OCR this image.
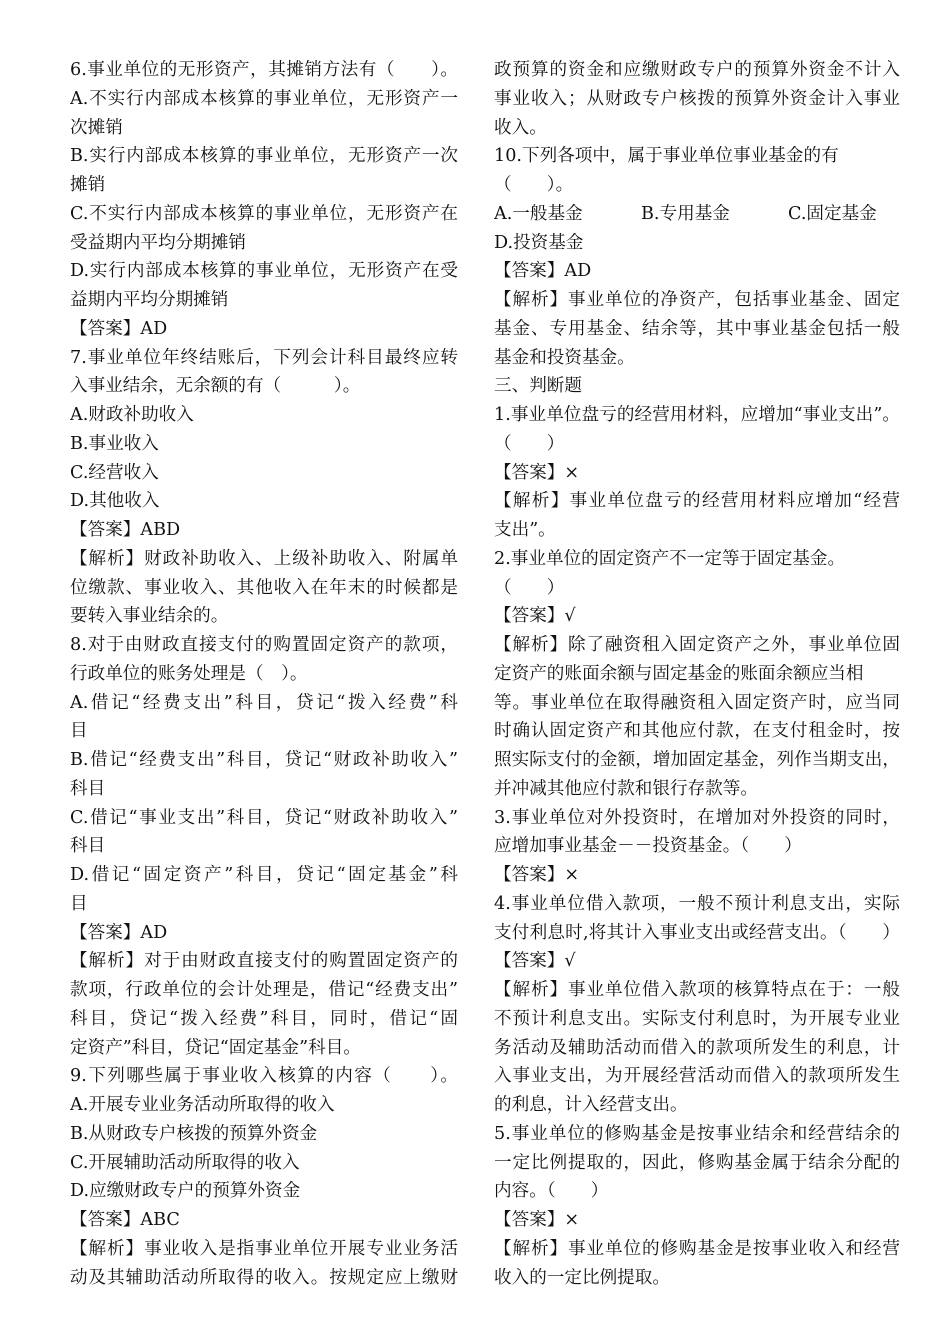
6.事业单位的无形资产，其摊销方法有（　　）。
A.不实行内部成本核算的事业单位，无形资产一
次摊销
B.实行内部成本核算的事业单位，无形资产一次
摊销
C.不实行内部成本核算的事业单位，无形资产在
受益期内平均分期摊销
D.实行内部成本核算的事业单位，无形资产在受
益期内平均分期摊销
【答案】AD
7.事业单位年终结账后，下列会计科目最终应转
入事业结余，无余额的有（　　　）。
A.财政补助收入
B.事业收入
C.经营收入
D.其他收入
【答案】ABD
【解析】财政补助收入、上级补助收入、附属单
位缴款、事业收入、其他收入在年末的时候都是
要转入事业结余的。
8.对于由财政直接支付的购置固定资产的款项，
行政单位的账务处理是（　）。
A.借记“经费支出”科目，贷记“拨入经费”科
目
B.借记“经费支出”科目，贷记“财政补助收入”
科目
C.借记“事业支出”科目，贷记“财政补助收入”
科目
D.借记“固定资产”科目，贷记“固定基金”科
目
【答案】AD
【解析】对于由财政直接支付的购置固定资产的
款项，行政单位的会计处理是，借记“经费支出”
科目，贷记“拨入经费”科目，同时，借记“固
定资产”科目，贷记“固定基金”科目。
9.下列哪些属于事业收入核算的内容（　　）。
A.开展专业业务活动所取得的收入
B.从财政专户核拨的预算外资金
C.开展辅助活动所取得的收入
D.应缴财政专户的预算外资金
【答案】ABC
【解析】事业收入是指事业单位开展专业业务活
动及其辅助活动所取得的收入。按规定应上缴财
政预算的资金和应缴财政专户的预算外资金不计入
事业收入；从财政专户核拨的预算外资金计入事业
收入。
10.下列各项中，属于事业单位事业基金的有
（　　）。
A.一般基金	B.专用基金	C.固定基金
D.投资基金
【答案】AD
【解析】事业单位的净资产，包括事业基金、固定
基金、专用基金、结余等，其中事业基金包括一般
基金和投资基金。
三、判断题
1.事业单位盘亏的经营用材料，应增加“事业支出”。
（　　）
【答案】×
【解析】事业单位盘亏的经营用材料应增加“经营
支出”。
2.事业单位的固定资产不一定等于固定基金。
（　　）
【答案】√
【解析】除了融资租入固定资产之外，事业单位固
定资产的账面余额与固定基金的账面余额应当相
等。事业单位在取得融资租入固定资产时，应当同
时确认固定资产和其他应付款，在支付租金时，按
照实际支付的金额，增加固定基金，列作当期支出，
并冲减其他应付款和银行存款等。
3.事业单位对外投资时，在增加对外投资的同时，
应增加事业基金－－投资基金。（　　）
【答案】×
4.事业单位借入款项，一般不预计利息支出，实际
支付利息时,将其计入事业支出或经营支出。（　　）
【答案】√
【解析】事业单位借入款项的核算特点在于：一般
不预计利息支出。实际支付利息时，为开展专业业
务活动及辅助活动而借入的款项所发生的利息，计
入事业支出，为开展经营活动而借入的款项所发生
的利息，计入经营支出。
5.事业单位的修购基金是按事业结余和经营结余的
一定比例提取的，因此，修购基金属于结余分配的
内容。（　　）
【答案】×
【解析】事业单位的修购基金是按事业收入和经营
收入的一定比例提取。
